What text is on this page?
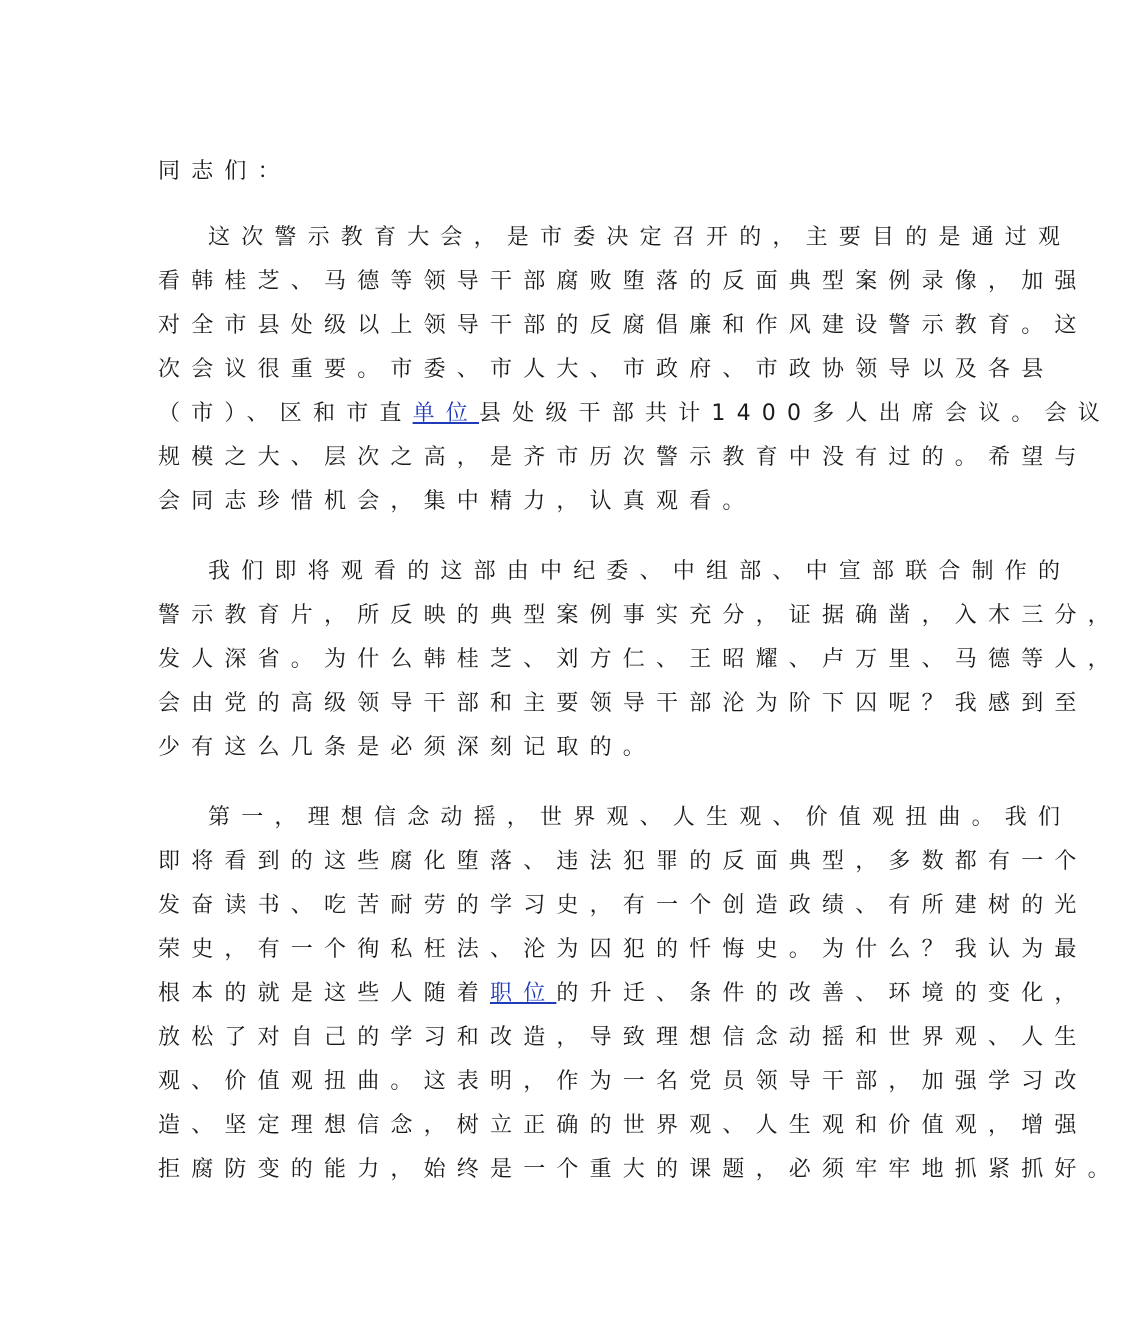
同志们：
这次警示教育大会，是市委决定召开的，主要目的是通过观
看韩桂芝、马德等领导干部腐败堕落的反面典型案例录像，加强
对全市县处级以上领导干部的反腐倡廉和作风建设警示教育。这
次会议很重要。市委、市人大、市政府、市政协领导以及各县
（市）、区和市直单位县处级干部共计1400多人出席会议。会议
规模之大、层次之高，是齐市历次警示教育中没有过的。希望与
会同志珍惜机会，集中精力，认真观看。
我们即将观看的这部由中纪委、中组部、中宣部联合制作的
警示教育片，所反映的典型案例事实充分，证据确凿，入木三分，
发人深省。为什么韩桂芝、刘方仁、王昭耀、卢万里、马德等人，
会由党的高级领导干部和主要领导干部沦为阶下囚呢？我感到至
少有这么几条是必须深刻记取的。
第一，理想信念动摇，世界观、人生观、价值观扭曲。我们
即将看到的这些腐化堕落、违法犯罪的反面典型，多数都有一个
发奋读书、吃苦耐劳的学习史，有一个创造政绩、有所建树的光
荣史，有一个徇私枉法、沦为囚犯的忏悔史。为什么？我认为最
根本的就是这些人随着职位的升迁、条件的改善、环境的变化，
放松了对自己的学习和改造，导致理想信念动摇和世界观、人生
观、价值观扭曲。这表明，作为一名党员领导干部，加强学习改
造、坚定理想信念，树立正确的世界观、人生观和价值观，增强
拒腐防变的能力，始终是一个重大的课题，必须牢牢地抓紧抓好。
